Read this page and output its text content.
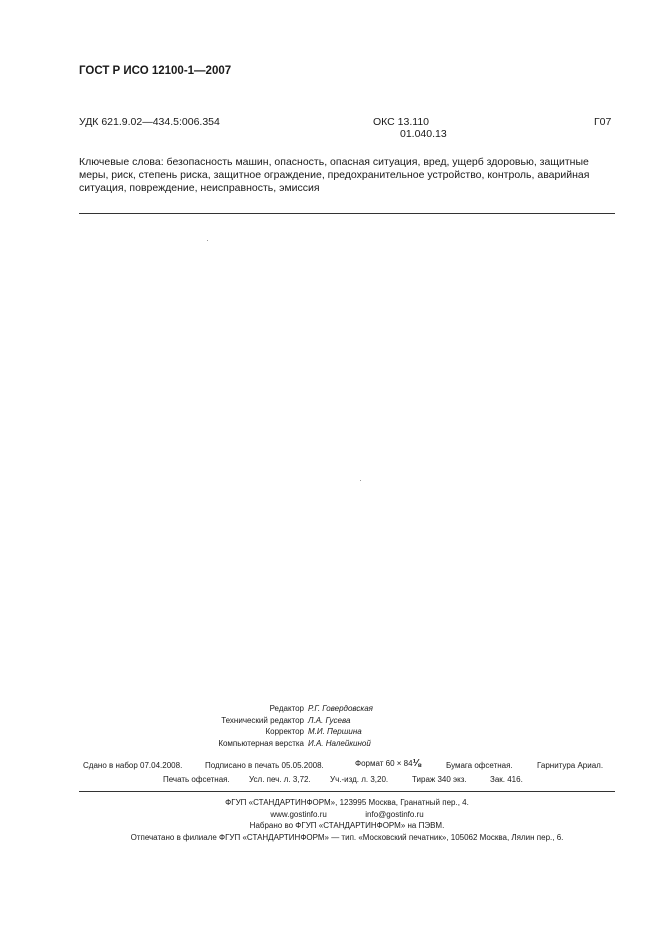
ГОСТ Р ИСО 12100-1—2007
УДК 621.9.02—434.5:006.354	ОКС 13.110
01.040.13
Г07
Ключевые слова: безопасность машин, опасность, опасная ситуация, вред, ущерб здоровью, защитные меры, риск, степень риска, защитное ограждение, предохранительное устройство, контроль, аварийная ситуация, повреждение, неисправность, эмиссия
Редактор Р.Г. Говердовская
Технический редактор Л.А. Гусева
Корректор М.И. Першина
Компьютерная верстка И.А. Налейкиной
Сдано в набор 07.04.2008.	Подписано в печать 05.05.2008.	Формат 60 × 84⅛	Бумага офсетная.	Гарнитура Ариал.
Печать офсетная. Усл. печ. л. 3,72. Уч.-изд. л. 3,20.	Тираж 340 экз.	Зак. 416.
ФГУП «СТАНДАРТИНФОРМ», 123995 Москва, Гранатный пер., 4.
www.gostinfo.ru	info@gostinfo.ru
Набрано во ФГУП «СТАНДАРТИНФОРМ» на ПЭВМ.
Отпечатано в филиале ФГУП «СТАНДАРТИНФОРМ» — тип. «Московский печатник», 105062 Москва, Лялин пер., 6.
